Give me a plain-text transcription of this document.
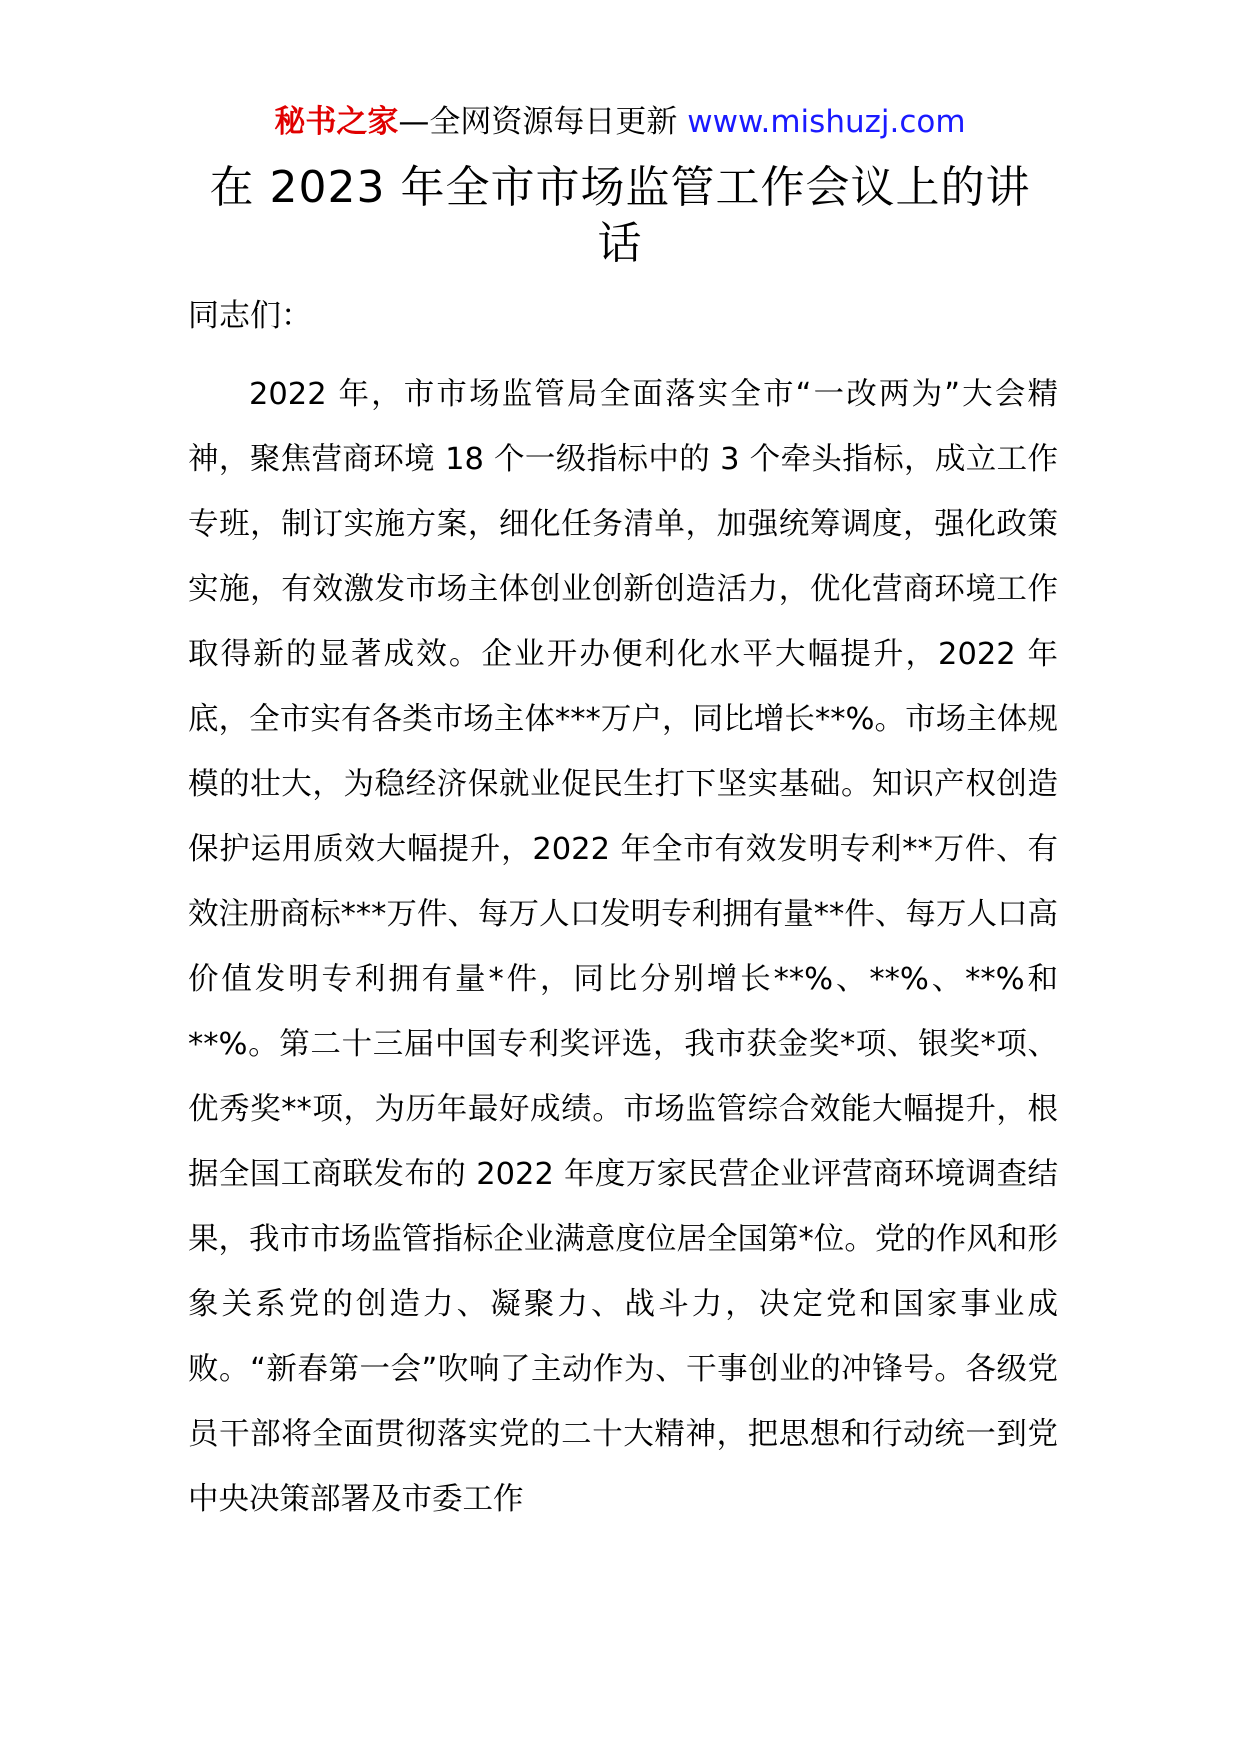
秘书之家—全网资源每日更新 www.mishuzj.com
在 2023 年全市市场监管工作会议上的讲话
同志们：

2022 年，市市场监管局全面落实全市“一改两为”大会精神，聚焦营商环境 18 个一级指标中的 3 个牵头指标，成立工作专班，制订实施方案，细化任务清单，加强统筹调度，强化政策实施，有效激发市场主体创业创新创造活力，优化营商环境工作取得新的显著成效。企业开办便利化水平大幅提升，2022 年底，全市实有各类市场主体***万户，同比增长**%。市场主体规模的壮大，为稳经济保就业促民生打下坚实基础。知识产权创造保护运用质效大幅提升，2022 年全市有效发明专利**万件、有效注册商标***万件、每万人口发明专利拥有量**件、每万人口高价值发明专利拥有量*件，同比分别增长**%、**%、**%和**%。第二十三届中国专利奖评选，我市获金奖*项、银奖*项、优秀奖**项，为历年最好成绩。市场监管综合效能大幅提升，根据全国工商联发布的 2022 年度万家民营企业评营商环境调查结果，我市市场监管指标企业满意度位居全国第*位。党的作风和形象关系党的创造力、凝聚力、战斗力，决定党和国家事业成败。“新春第一会”吹响了主动作为、干事创业的冲锋号。各级党员干部将全面贯彻落实党的二十大精神，把思想和行动统一到党中央决策部署及市委工作
